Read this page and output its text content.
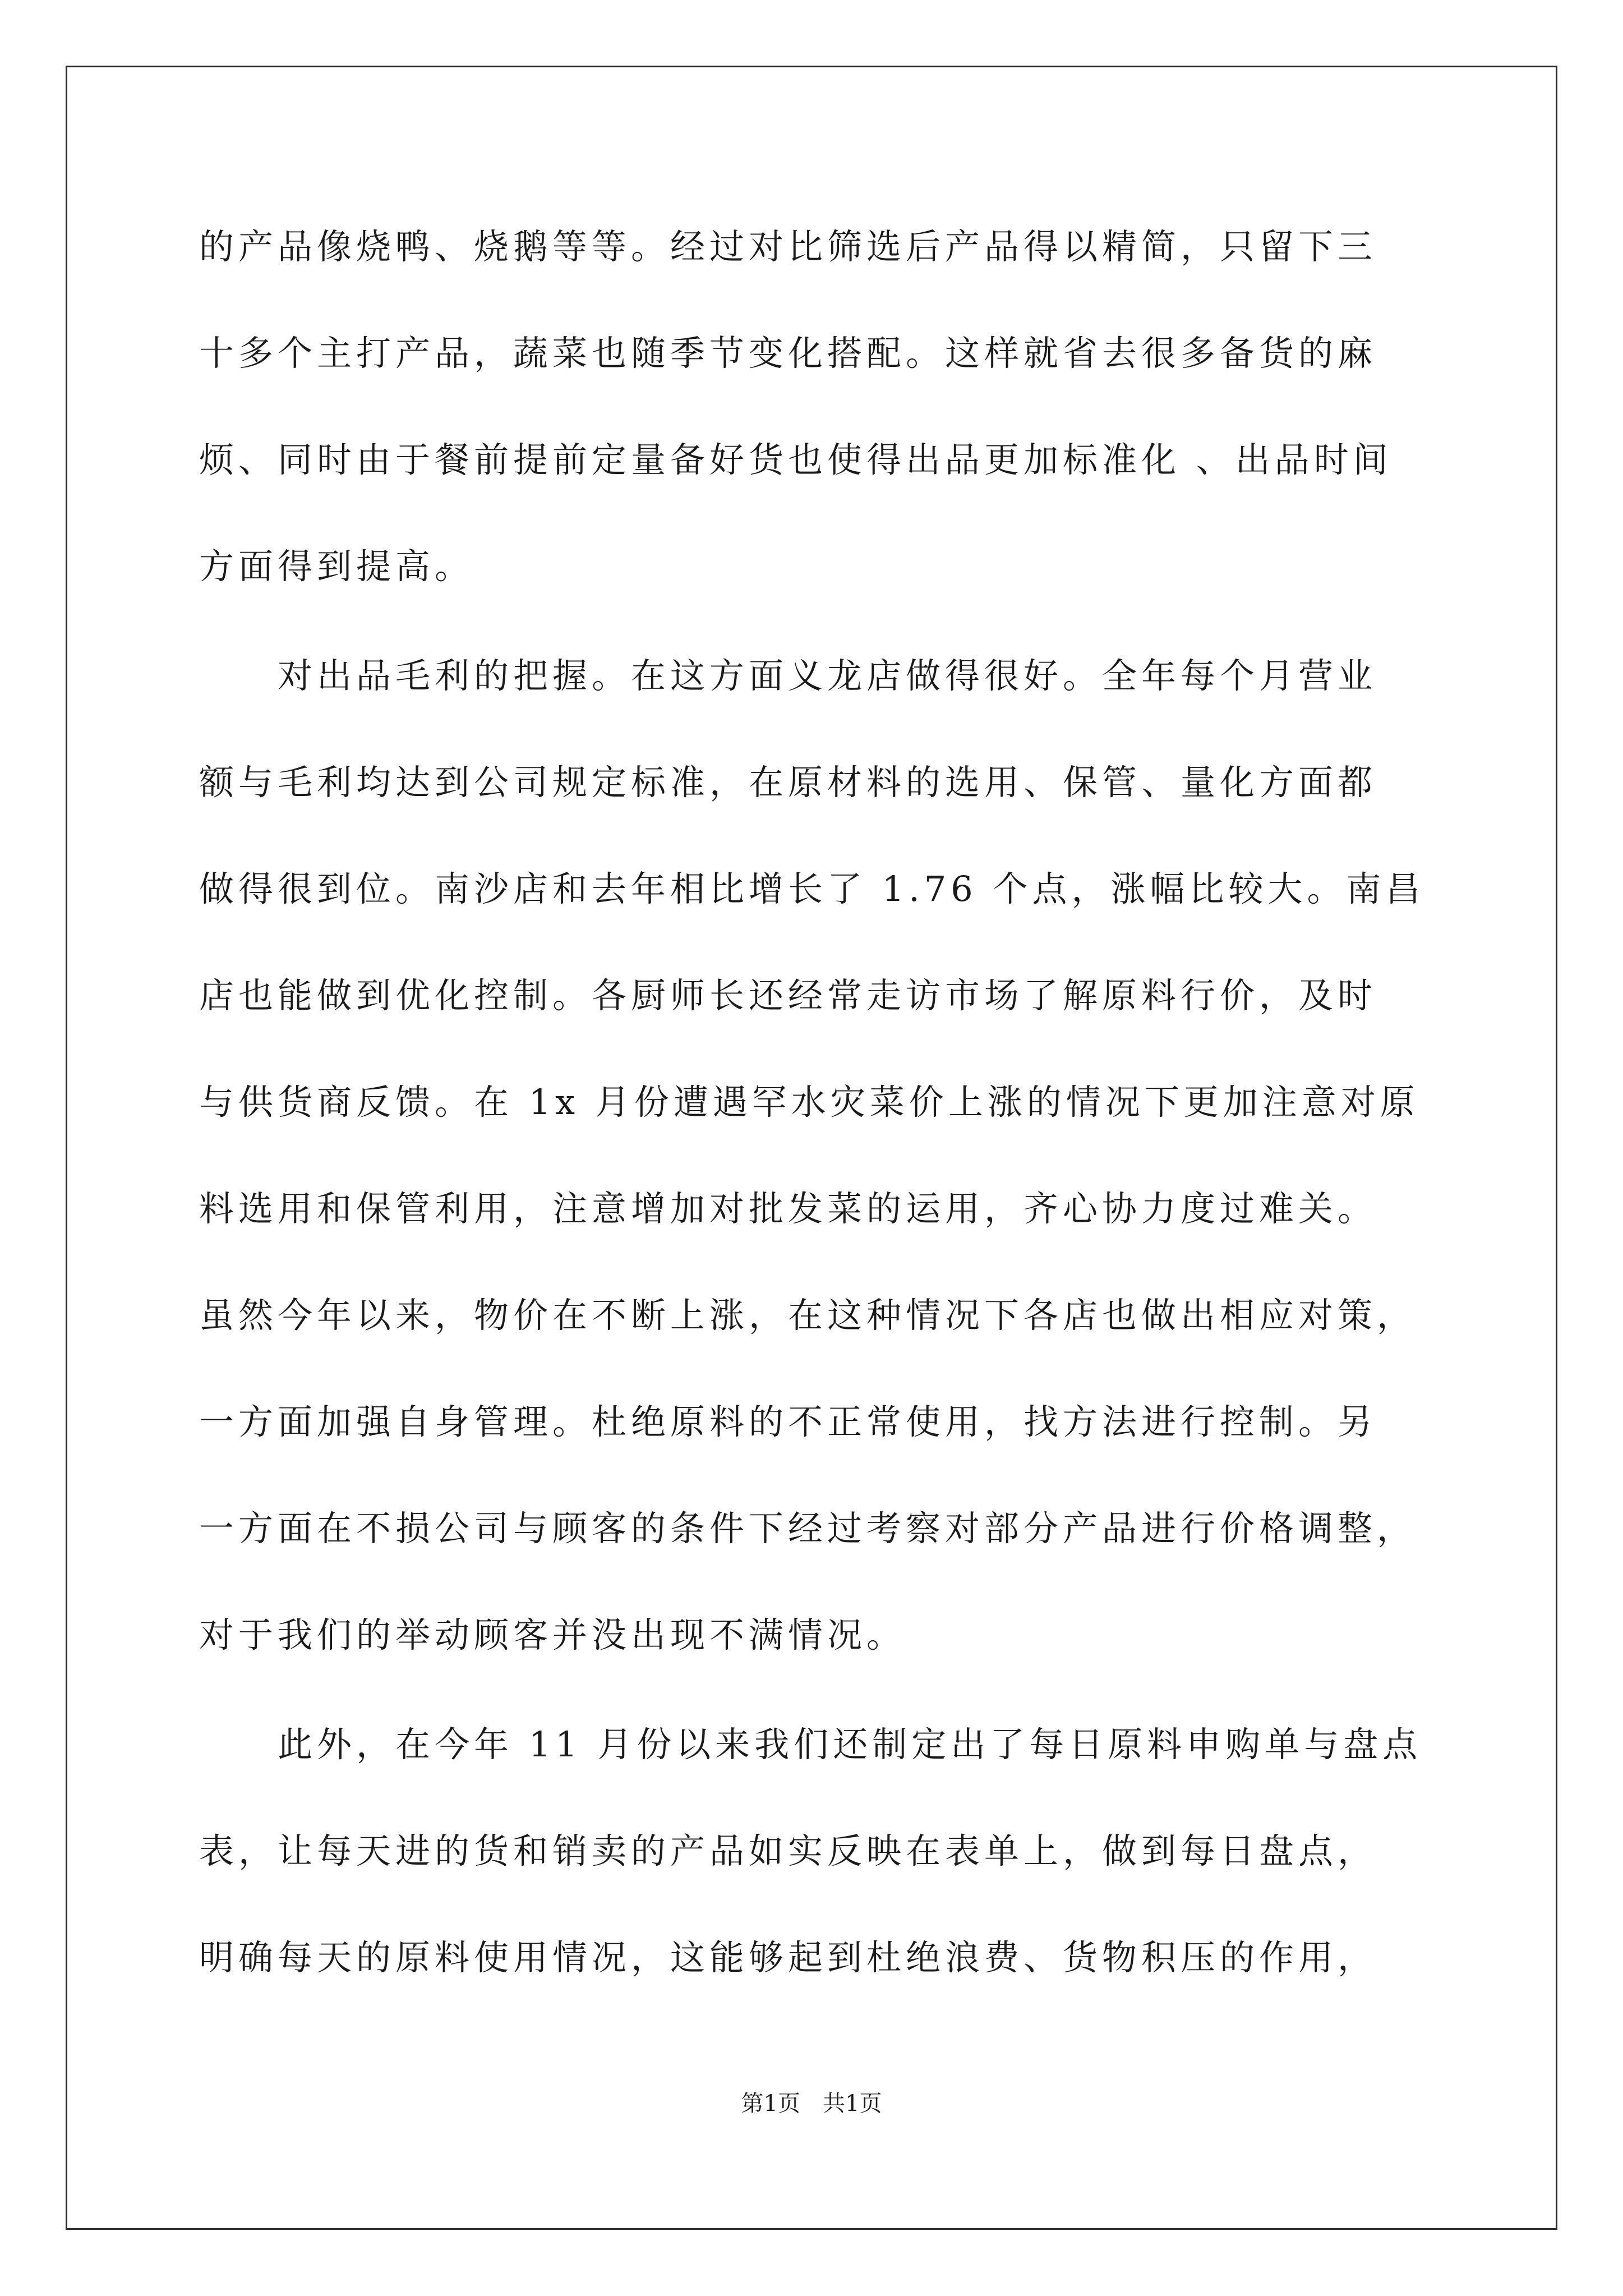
的产品像烧鸭、烧鹅等等。经过对比筛选后产品得以精简，只留下三
十多个主打产品，蔬菜也随季节变化搭配。这样就省去很多备货的麻
烦、同时由于餐前提前定量备好货也使得出品更加标准化 、出品时间
方面得到提高。
　　对出品毛利的把握。在这方面义龙店做得很好。全年每个月营业
额与毛利均达到公司规定标准，在原材料的选用、保管、量化方面都
做得很到位。南沙店和去年相比增长了 1.76 个点，涨幅比较大。南昌
店也能做到优化控制。各厨师长还经常走访市场了解原料行价，及时
与供货商反馈。在 1x 月份遭遇罕水灾菜价上涨的情况下更加注意对原
料选用和保管利用，注意增加对批发菜的运用，齐心协力度过难关。
虽然今年以来，物价在不断上涨，在这种情况下各店也做出相应对策，
一方面加强自身管理。杜绝原料的不正常使用，找方法进行控制。另
一方面在不损公司与顾客的条件下经过考察对部分产品进行价格调整，
对于我们的举动顾客并没出现不满情况。
　　此外，在今年 11 月份以来我们还制定出了每日原料申购单与盘点
表，让每天进的货和销卖的产品如实反映在表单上，做到每日盘点，
明确每天的原料使用情况，这能够起到杜绝浪费、货物积压的作用，
第1页　共1页
